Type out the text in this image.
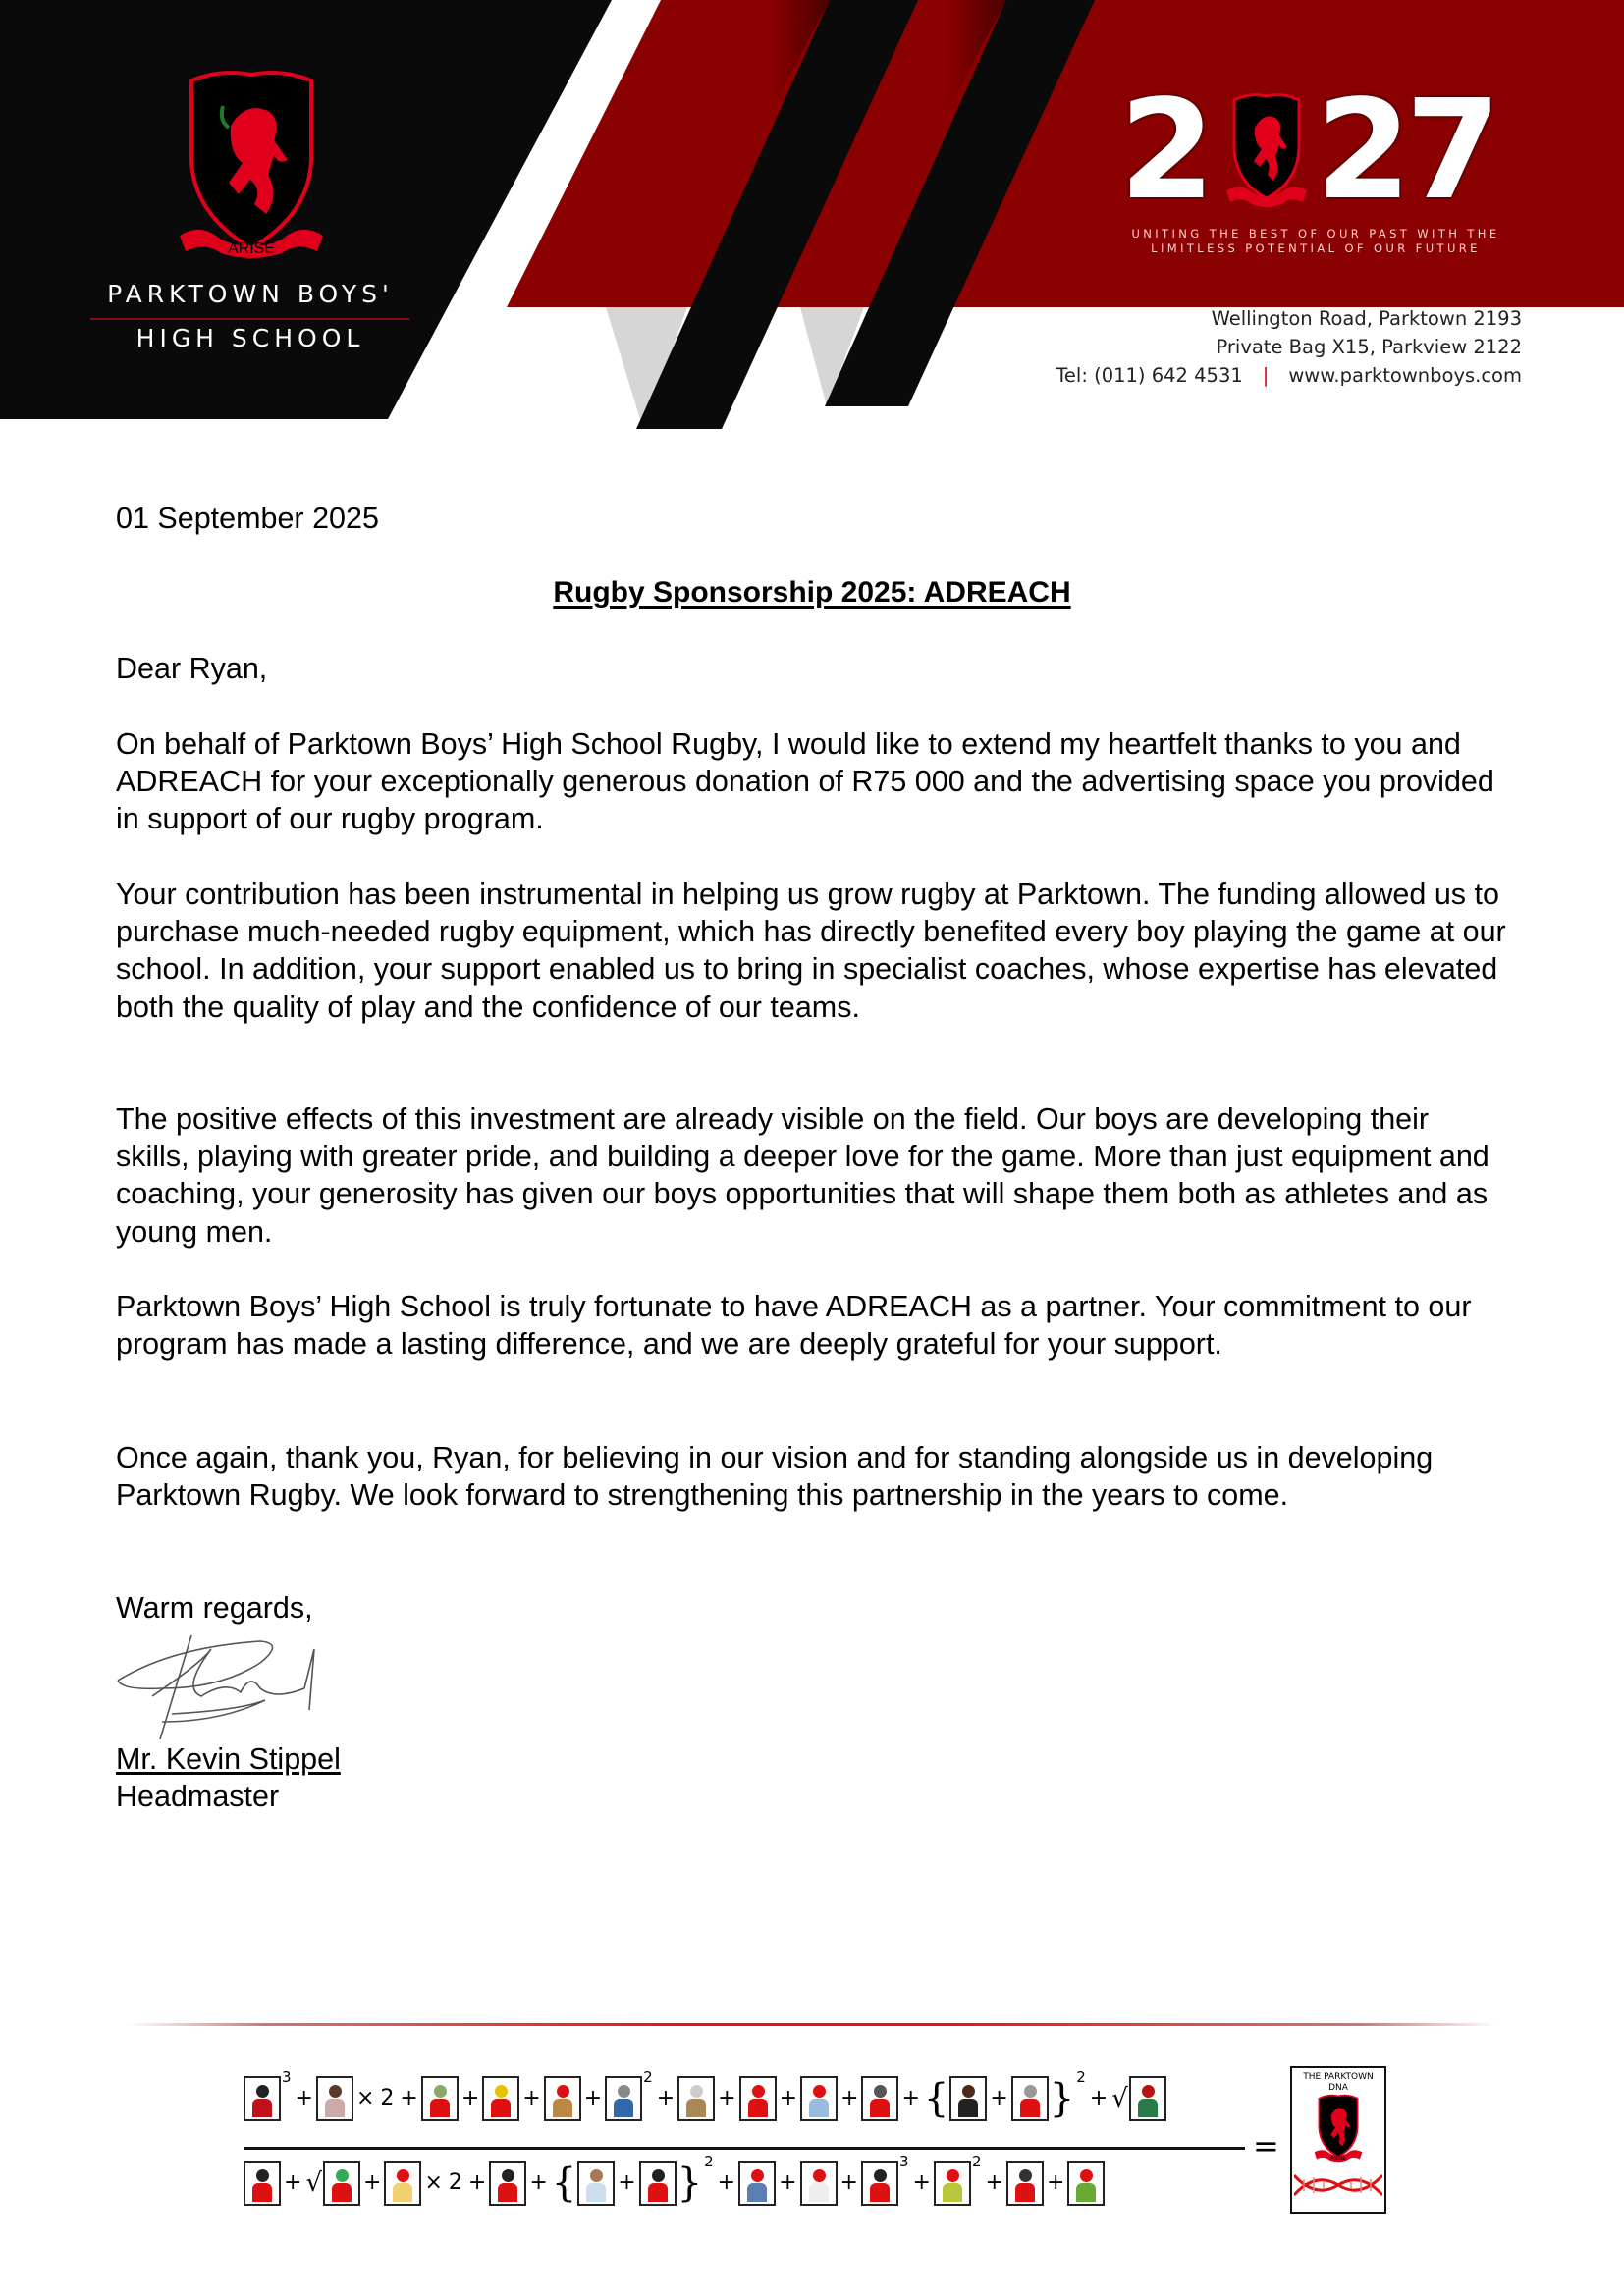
ARISE
PARKTOWN BOYS'
HIGH SCHOOL
2 27
UNITING THE BEST OF OUR PAST WITH THE
LIMITLESS POTENTIAL OF OUR FUTURE
Wellington Road, Parktown 2193
Private Bag X15, Parkview 2122
Tel: (011) 642 4531 | www.parktownboys.com
01 September 2025
Rugby Sponsorship 2025: ADREACH
Dear Ryan,
On behalf of Parktown Boys’ High School Rugby, I would like to extend my heartfelt thanks to you and ADREACH for your exceptionally generous donation of R75 000 and the advertising space you provided in support of our rugby program.
Your contribution has been instrumental in helping us grow rugby at Parktown. The funding allowed us to purchase much-needed rugby equipment, which has directly benefited every boy playing the game at our school. In addition, your support enabled us to bring in specialist coaches, whose expertise has elevated both the quality of play and the confidence of our teams.
The positive effects of this investment are already visible on the field. Our boys are developing their skills, playing with greater pride, and building a deeper love for the game. More than just equipment and coaching, your generosity has given our boys opportunities that will shape them both as athletes and as young men.
Parktown Boys’ High School is truly fortunate to have ADREACH as a partner. Your commitment to our program has made a lasting difference, and we are deeply grateful for your support.
Once again, thank you, Ryan, for believing in our vision and for standing alongside us in developing Parktown Rugby. We look forward to strengthening this partnership in the years to come.
Warm regards,
Mr. Kevin Stippel
Headmaster
3
+ × 2 + + + +
2
+ + + + + { + } 2
+ √
+ √ + × 2 + + { + } 2
+ + +
3
+
2
+ +
=
THE PARKTOWN
DNA
ARISE
